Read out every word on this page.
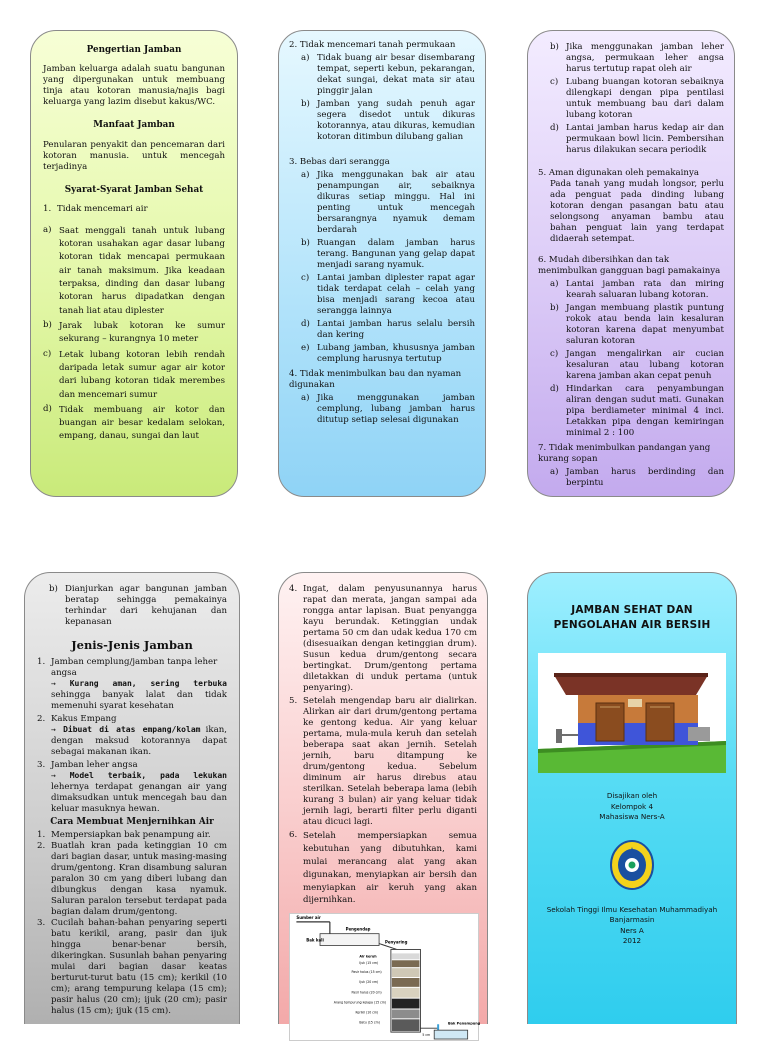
Pengertian Jamban
Jamban keluarga adalah suatu bangunan yang dipergunakan untuk membuang tinja atau kotoran manusia/najis bagi keluarga yang lazim disebut kakus/WC.
Manfaat Jamban
Penularan penyakit dan pencemaran dari kotoran manusia. untuk mencegah terjadinya
Syarat-Syarat Jamban Sehat
1. Tidak mencemari air
a) Saat menggali tanah untuk lubang kotoran usahakan agar dasar lubang kotoran tidak mencapai permukaan air tanah maksimum. Jika keadaan terpaksa, dinding dan dasar lubang kotoran harus dipadatkan dengan tanah liat atau diplester
b) Jarak lubak kotoran ke sumur sekurang – kurangnya 10 meter
c) Letak lubang kotoran lebih rendah daripada letak sumur agar air kotor dari lubang kotoran tidak merembes dan mencemari sumur
d) Tidak membuang air kotor dan buangan air besar kedalam selokan, empang, danau, sungai dan laut
2. Tidak mencemari tanah permukaan
a) Tidak buang air besar disembarang tempat, seperti kebun, pekarangan, dekat sungai, dekat mata sir atau pinggir jalan
b) Jamban yang sudah penuh agar segera disedot untuk dikuras kotorannya, atau dikuras, kemudian kotoran ditimbun dilubang galian
3. Bebas dari serangga
a) Jika menggunakan bak air atau penampungan air, sebaiknya dikuras setiap minggu. Hal ini penting untuk mencegah bersarangnya nyamuk demam berdarah
b) Ruangan dalam jamban harus terang. Bangunan yang gelap dapat menjadi sarang nyamuk.
c) Lantai jamban diplester rapat agar tidak terdapat celah – celah yang bisa menjadi sarang kecoa atau serangga lainnya
d) Lantai jamban harus selalu bersih dan kering
e) Lubang jamban, khususnya jamban cemplung harusnya tertutup
4. Tidak menimbulkan bau dan nyaman digunakan
a) Jika menggunakan jamban cemplung, lubang jamban harus ditutup setiap selesai digunakan
b) Jika menggunakan jamban leher angsa, permukaan leher angsa harus tertutup rapat oleh air
c) Lubang buangan kotoran sebaiknya dilengkapi dengan pipa pentilasi untuk membuang bau dari dalam lubang kotoran
d) Lantai jamban harus kedap air dan permukaan bowl licin. Pembersihan harus dilakukan secara periodik
5. Aman digunakan oleh pemakainya
Pada tanah yang mudah longsor, perlu ada penguat pada dinding lubang kotoran dengan pasangan batu atau selongsong anyaman bambu atau bahan penguat lain yang terdapat didaerah setempat.
6. Mudah dibersihkan dan tak menimbulkan gangguan bagi pamakainya
a) Lantai jamban rata dan miring kearah saluaran lubang kotoran.
b) Jangan membuang plastik puntung rokok atau benda lain kesaluran kotoran karena dapat menyumbat saluran kotoran
c) Jangan mengalirkan air cucian kesaluran atau lubang kotoran karena jamban akan cepat penuh
d) Hindarkan cara penyambungan aliran dengan sudut mati. Gunakan pipa berdiameter minimal 4 inci. Letakkan pipa dengan kemiringan minimal 2 : 100
7. Tidak menimbulkan pandangan yang kurang sopan
a) Jamban harus berdinding dan berpintu
b) Dianjurkan agar bangunan jamban beratap sehingga pemakainya terhindar dari kehujanan dan kepanasan
Jenis-Jenis Jamban
1. Jamban cemplung/jamban tanpa leher angsa
→ Kurang aman, sering terbuka sehingga banyak lalat dan tidak memenuhi syarat kesehatan
2. Kakus Empang
→ Dibuat di atas empang/kolam ikan, dengan maksud kotorannya dapat sebagai makanan ikan.
3. Jamban leher angsa
→ Model terbaik, pada lekukan lehernya terdapat genangan air yang dimaksudkan untuk mencegah bau dan keluar masuknya hewan.
Cara Membuat Menjernihkan Air
1. Mempersiapkan bak penampung air.
2. Buatlah kran pada ketinggian 10 cm dari bagian dasar, untuk masing-masing drum/gentong. Kran disambung saluran paralon 30 cm yang diberi lubang dan dibungkus dengan kasa nyamuk. Saluran paralon tersebut terdapat pada bagian dalam drum/gentong.
3. Cucilah bahan-bahan penyaring seperti batu kerikil, arang, pasir dan ijuk hingga benar-benar bersih, dikeringkan. Susunlah bahan penyaring mulai dari bagian dasar keatas berturut-turut batu (15 cm); kerikil (10 cm); arang tempurung kelapa (15 cm); pasir halus (20 cm); ijuk (20 cm); pasir halus (15 cm); ijuk (15 cm).
4. Ingat, dalam penyusunannya harus rapat dan merata, jangan sampai ada rongga antar lapisan. Buat penyangga kayu berundak. Ketinggian undak pertama 50 cm dan udak kedua 170 cm (disesuaikan dengan ketinggian drum). Susun kedua drum/gentong secara bertingkat. Drum/gentong pertama diletakkan di unduk pertama (untuk penyaring).
5. Setelah mengendap baru air dialirkan. Alirkan air dari drum/gentong pertama ke gentong kedua. Air yang keluar pertama, mula-mula keruh dan setelah beberapa saat akan jernih. Setelah jernih, baru ditampung ke drum/gentong kedua. Sebelum diminum air harus direbus atau sterilkan. Setelah beberapa lama (lebih kurang 3 bulan) air yang keluar tidak jernih lagi, berarti filter perlu diganti atau dicuci lagi.
6. Setelah mempersiapkan semua kebutuhan yang dibutuhkan, kami mulai merancang alat yang akan digunakan, menyiapkan air bersih dan menyiapkan air keruh yang akan dijernihkan.
Sumber air
Pengendap
Bak kali	Penyaring
Air keruh
Ijuk (15 cm)
Pasir halus (15 cm)
Ijuk (20 cm)
Pasir halus (20 cm)
Arang tempurung kelapa (15 cm)
Kerikil (10 cm)
Batu (15 cm)	Bak Penampung
5 cm
JAMBAN SEHAT DAN
PENGOLAHAN AIR BERSIH
Disajikan oleh
Kelompok 4
Mahasiswa Ners-A
Sekolah Tinggi Ilmu Kesehatan Muhammadiyah
Banjarmasin
Ners A
2012
